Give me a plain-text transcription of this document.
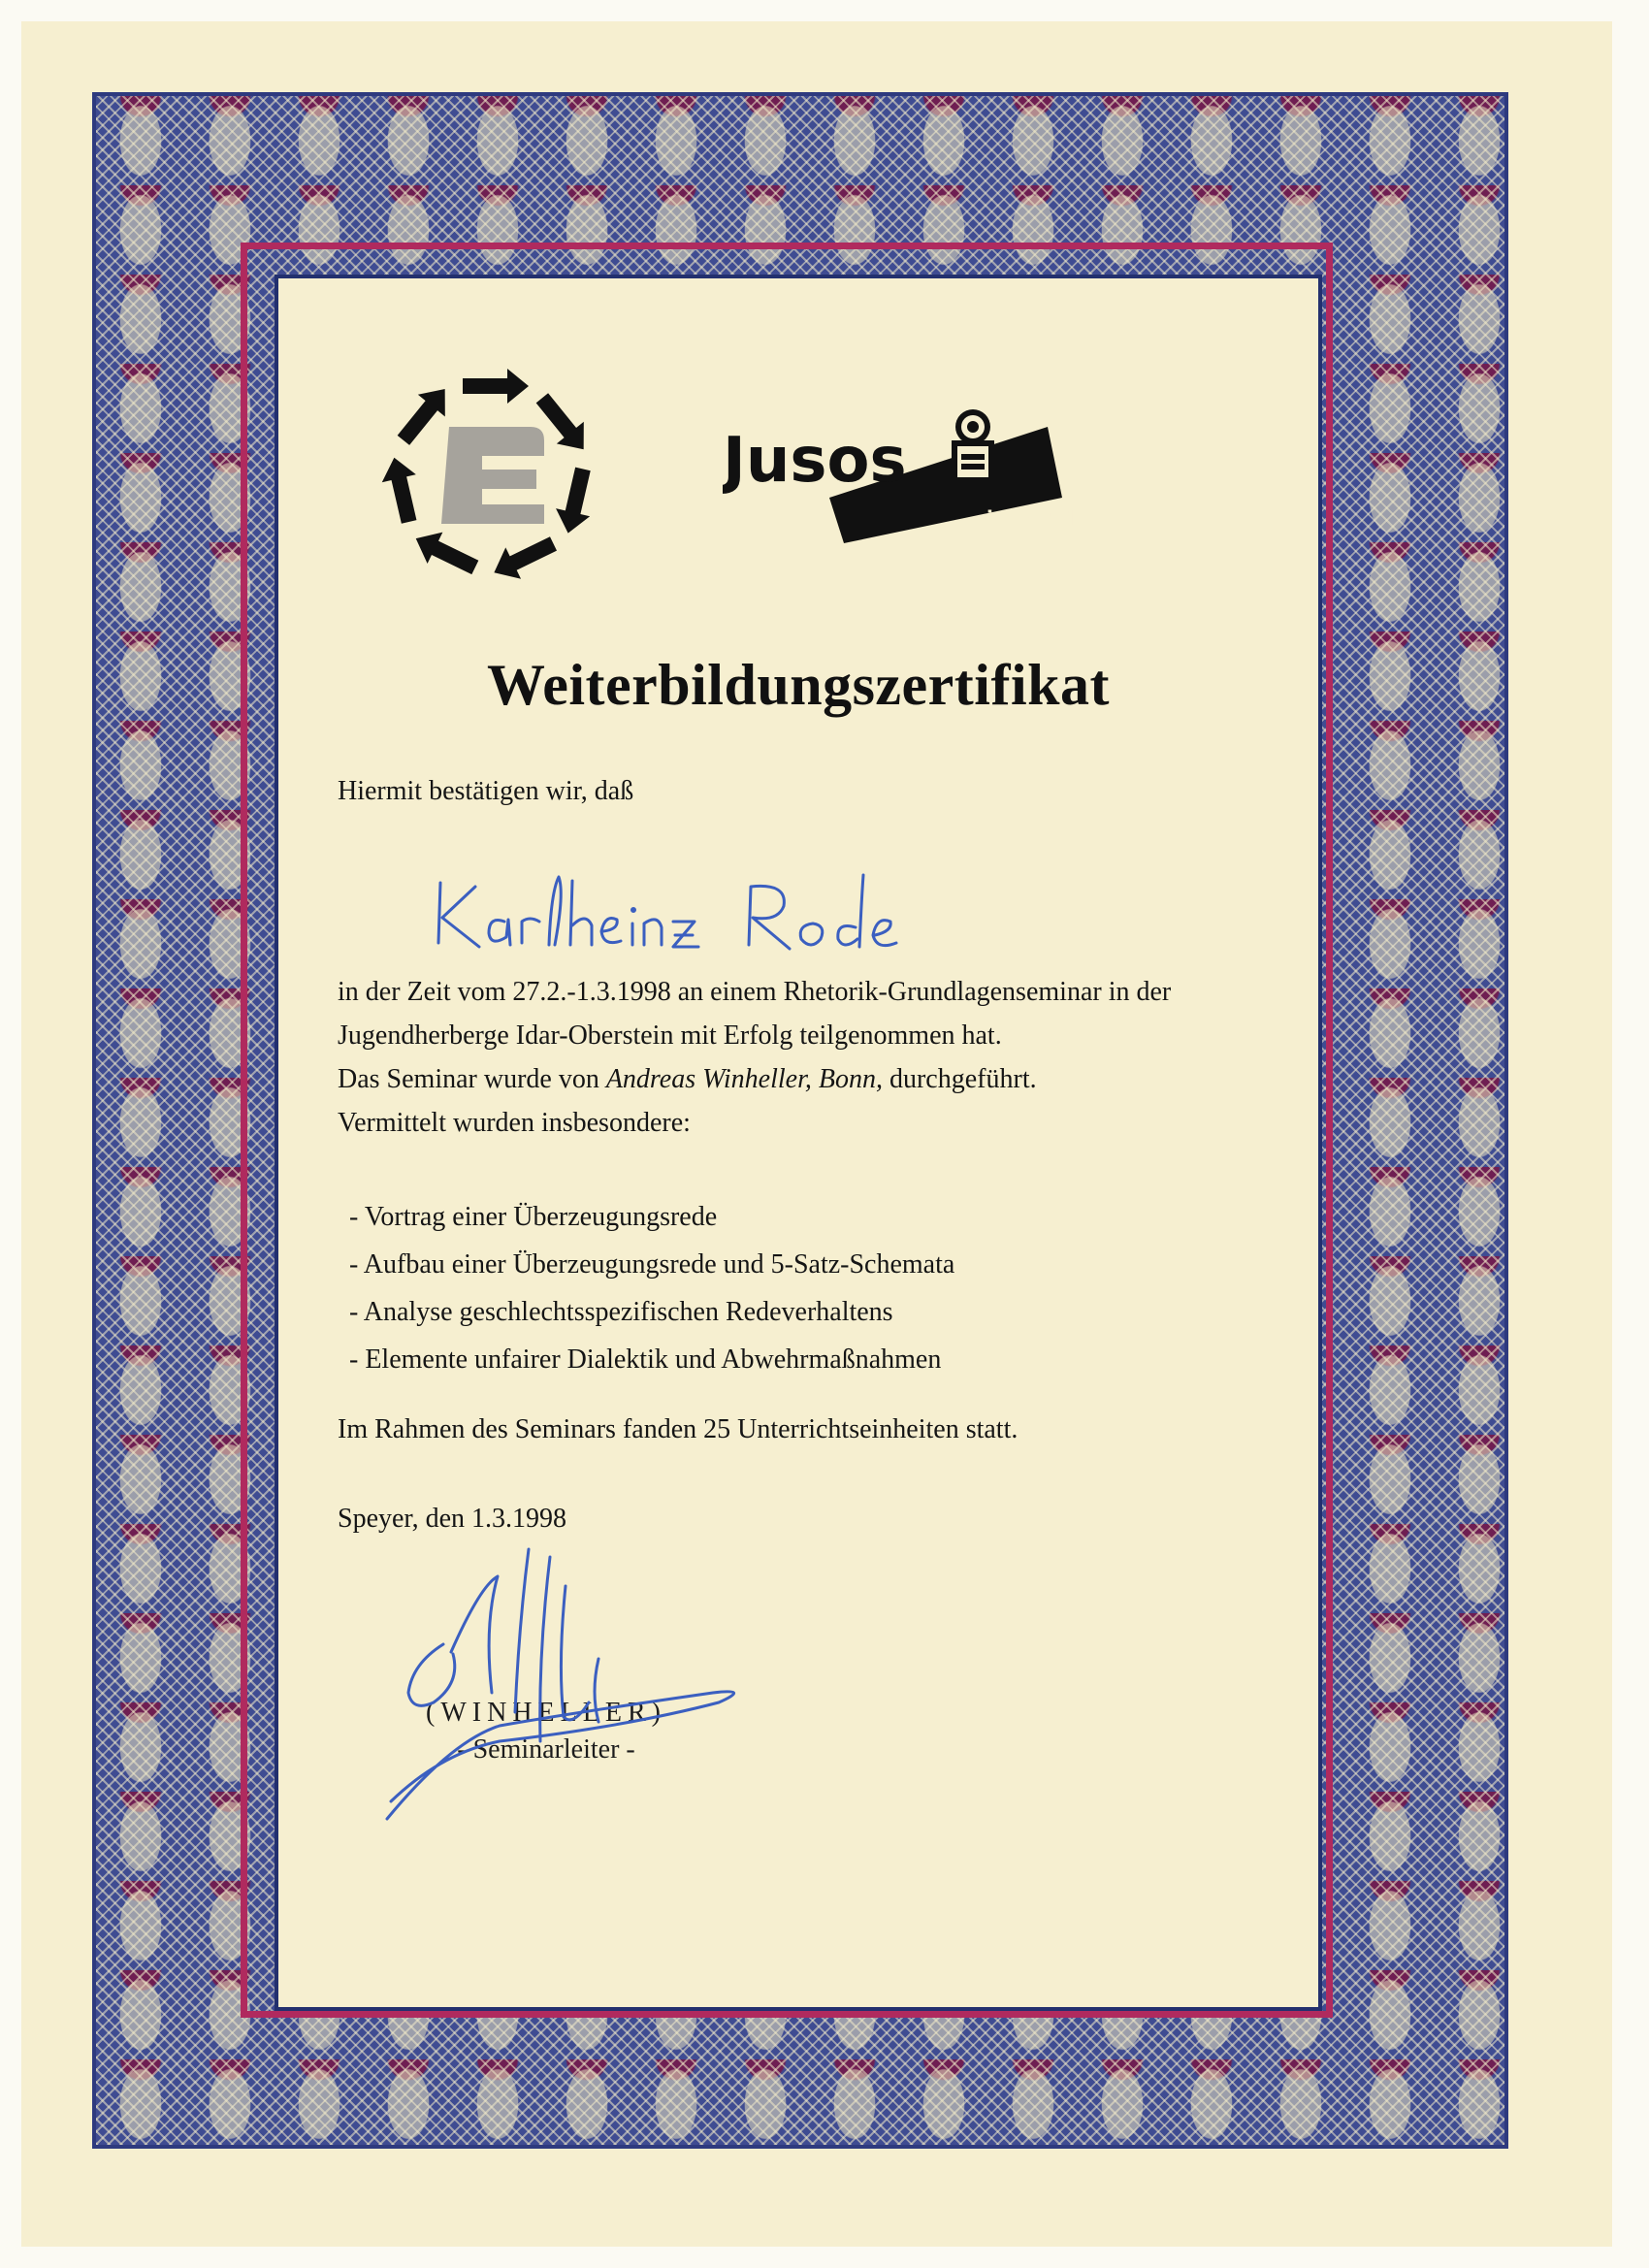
Jusos
in der SPD
Weiterbildungszertifikat
Hiermit bestätigen wir, daß
in der Zeit vom 27.2.-1.3.1998 an einem Rhetorik-Grundlagenseminar in der
Jugendherberge Idar-Oberstein mit Erfolg teilgenommen hat.
Das Seminar wurde von Andreas Winheller, Bonn, durchgeführt.
Vermittelt wurden insbesondere:
- Vortrag einer Überzeugungsrede
- Aufbau einer Überzeugungsrede und 5-Satz-Schemata
- Analyse geschlechtsspezifischen Redeverhaltens
- Elemente unfairer Dialektik und Abwehrmaßnahmen
Im Rahmen des Seminars fanden 25 Unterrichtseinheiten statt.
Speyer, den 1.3.1998
(WINHELLER)
- Seminarleiter -
